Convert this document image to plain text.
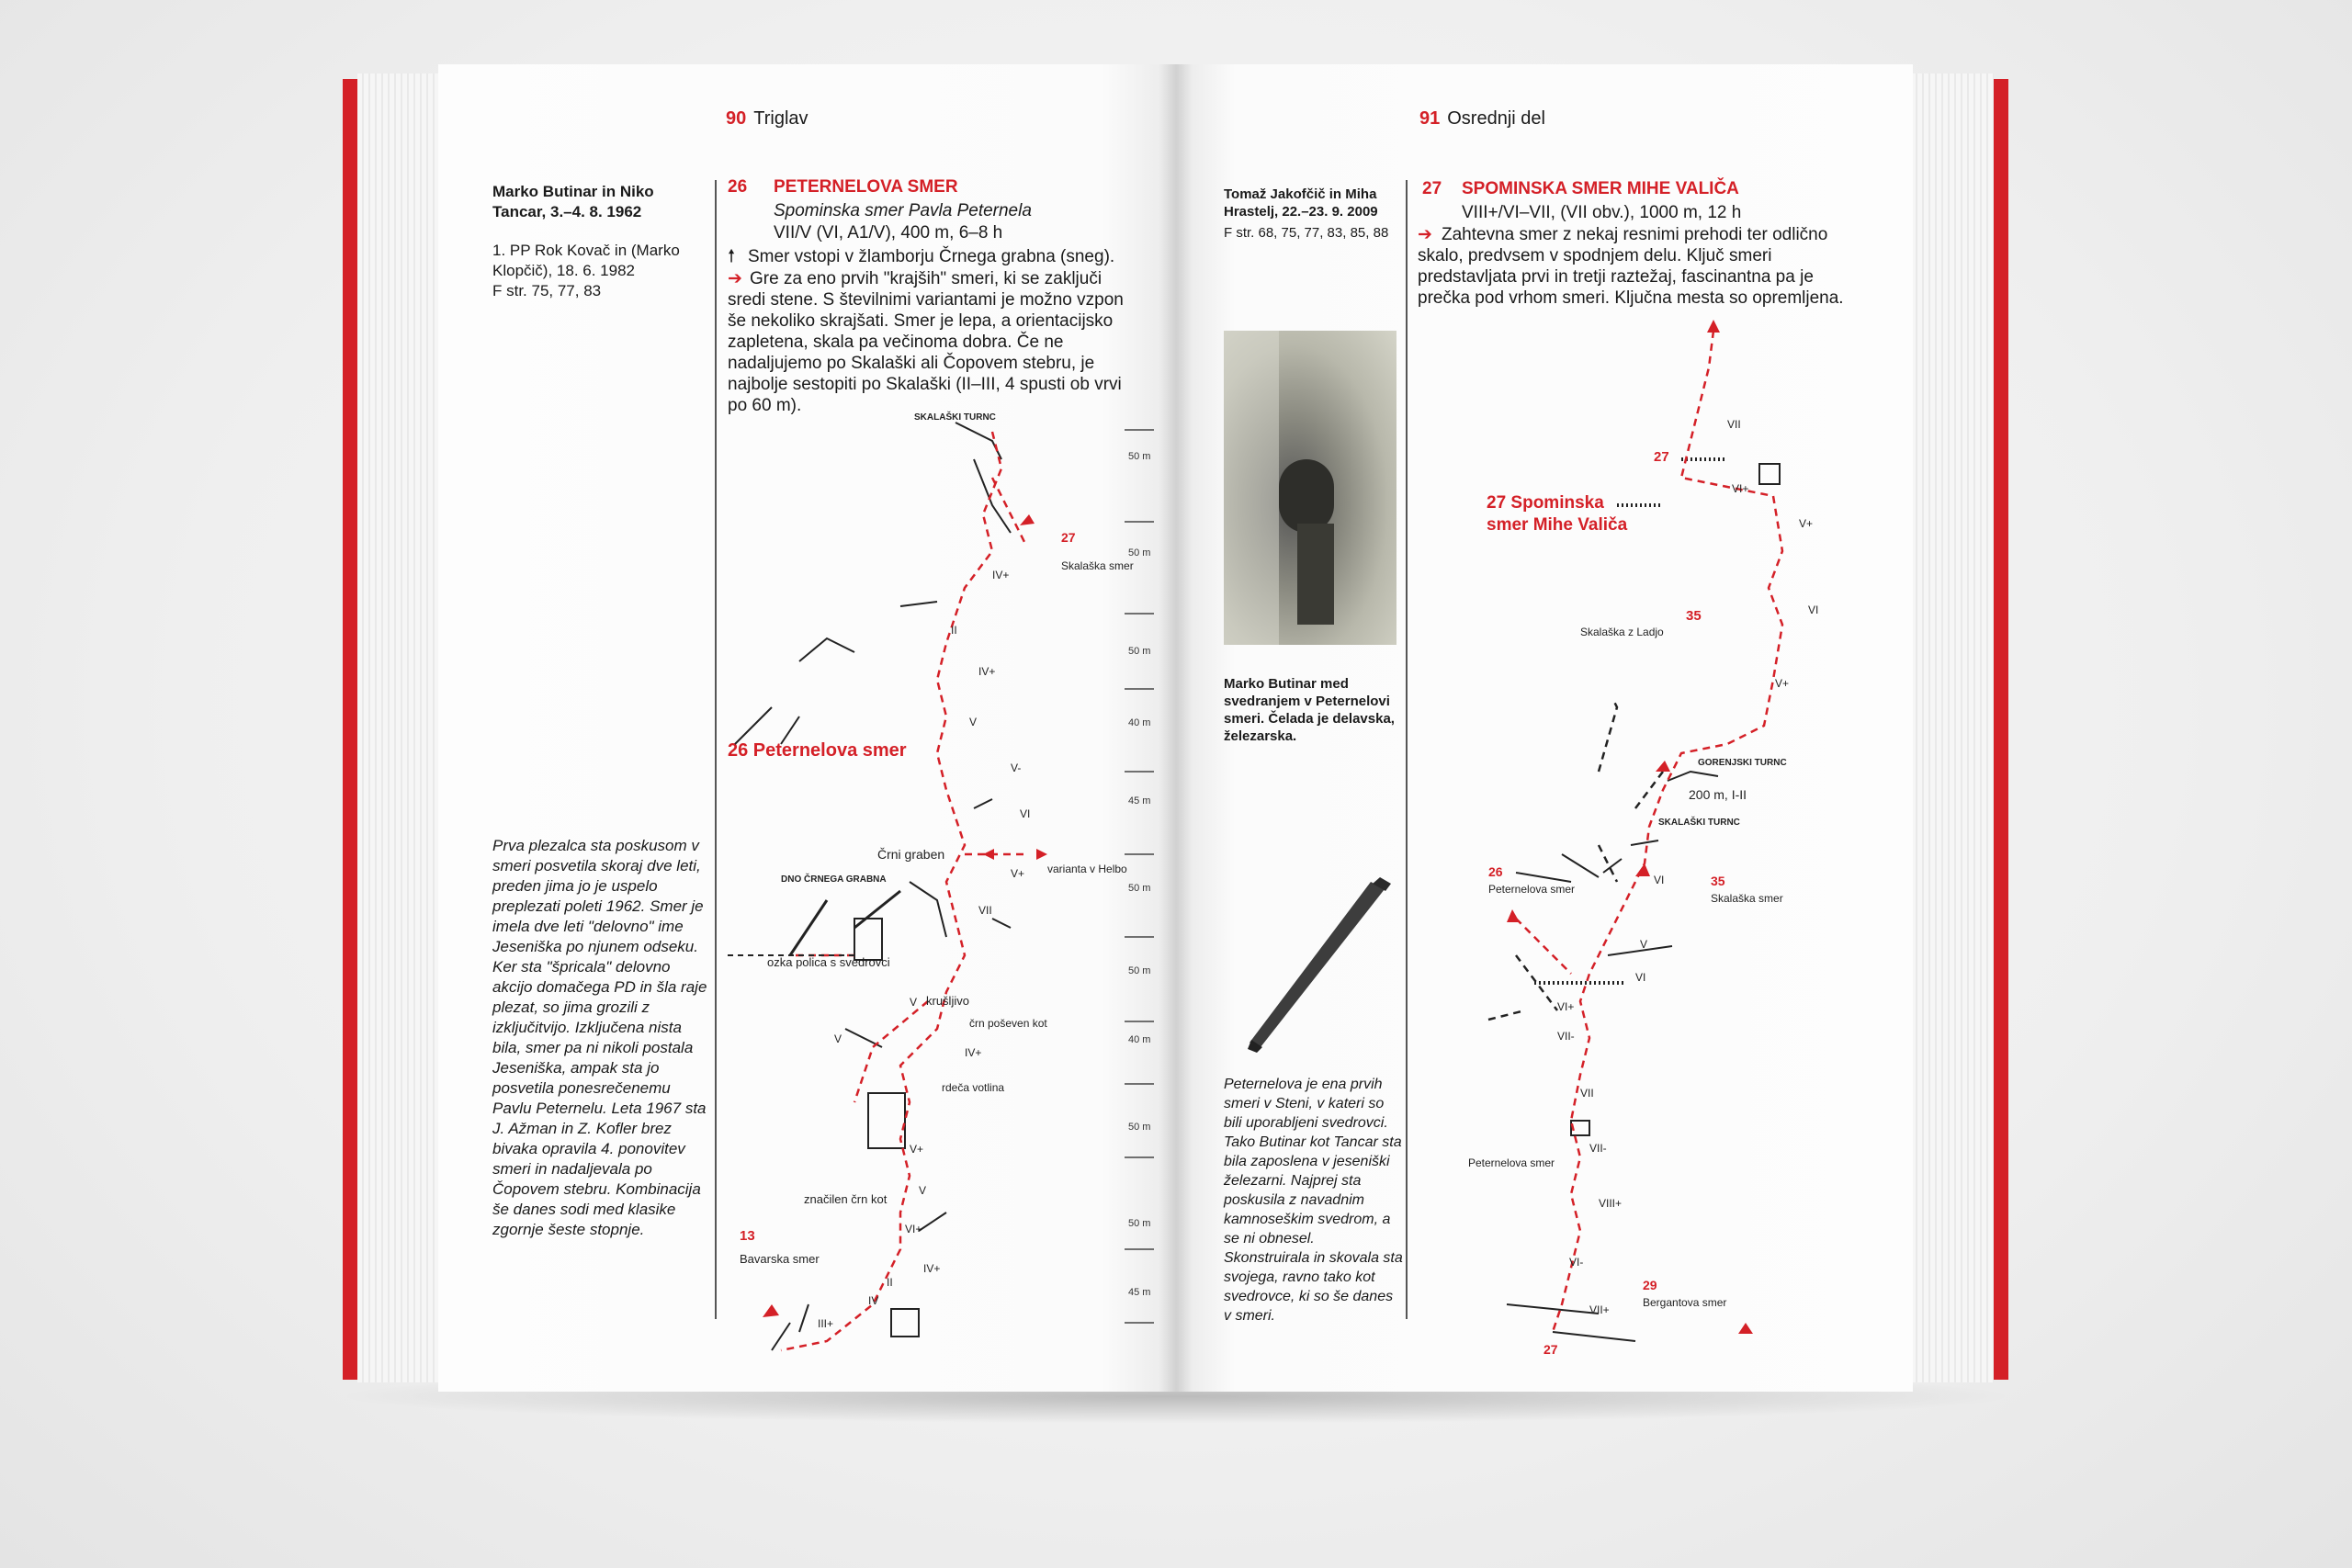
90 Triglav
Marko Butinar in Niko Tancar, 3.–4. 8. 1962
1. PP Rok Kovač in (Marko Klopčič), 18. 6. 1982
F str. 75, 77, 83
Prva plezalca sta poskusom v smeri posvetila skoraj dve leti, preden jima jo je uspelo preplezati poleti 1962. Smer je imela dve leti "delovno" ime Jeseniška po njunem odseku. Ker sta "špricala" delovno akcijo domačega PD in šla raje plezat, so jima grozili z izključitvijo. Izključena nista bila, smer pa ni nikoli postala Jeseniška, ampak sta jo posvetila ponesrečenemu Pavlu Peternelu. Leta 1967 sta J. Ažman in Z. Kofler brez bivaka opravila 4. ponovitev smeri in nadaljevala po Čopovem stebru. Kombinacija še danes sodi med klasike zgornje šeste stopnje.
26 PETERNELOVA SMER
Spominska smer Pavla Peternela
VII/V (VI, A1/V), 400 m, 6–8 h
🠕 Smer vstopi v žlamborju Črnega grabna (sneg).
➔ Gre za eno prvih "krajših" smeri, ki se zaključi sredi stene. S številnimi variantami je možno vzpon še nekoliko skrajšati. Smer je lepa, a orientacijsko zapletena, skala pa večinoma dobra. Če ne nadaljujemo po Skalaški ali Čopovem stebru, je najbolje sestopiti po Skalaški (II–III, 4 spusti ob vrvi po 60 m).
26 Peternelova smer
50 m
50 m
50 m
40 m
45 m
50 m
50 m
40 m
50 m
50 m
45 m
SKALAŠKI TURNC
27
Skalaška smer
Črni graben
varianta v Helbo
DNO ČRNEGA GRABNA
ozka polica s svedrovci
krušljivo
črn poševen kot
rdeča votlina
značilen črn kot
13
Bavarska smer
IV+
II
IV+
V
V-
VI
V+
VII
V
V
IV+
V+
V
VI+
II
IV+
IV
III+
91 Osrednji del
Tomaž Jakofčič in Miha Hrastelj, 22.–23. 9. 2009
F str. 68, 75, 77, 83, 85, 88
Marko Butinar med svedranjem v Peternelovi smeri. Čelada je delavska, železarska.
Peternelova je ena prvih smeri v Steni, v kateri so bili uporabljeni svedrovci. Tako Butinar kot Tancar sta bila zaposlena v jeseniški železarni. Najprej sta poskusila z navadnim kamnoseškim svedrom, a se ni obnesel. Skonstruirala in skovala sta svojega, ravno tako kot svedrovce, ki so še danes v smeri.
27 SPOMINSKA SMER MIHE VALIČA
VIII+/VI–VII, (VII obv.), 1000 m, 12 h
➔ Zahtevna smer z nekaj resnimi prehodi ter odlično skalo, predvsem v spodnjem delu. Ključ smeri predstavljata prvi in tretji raztežaj, fascinantna pa je prečka pod vrhom smeri. Ključna mesta so opremljena.
27 Spominska smer Mihe Valiča
27
35
Skalaška z Ladjo
GORENJSKI TURNC
200 m, I-II
SKALAŠKI TURNC
26
Peternelova smer
35
Skalaška smer
Peternelova smer
29
Bergantova smer
27
VII
VI+
V+
VI
V+
VI
V
VI
VI+
VII-
VII
VII-
VIII+
VI-
VII+
